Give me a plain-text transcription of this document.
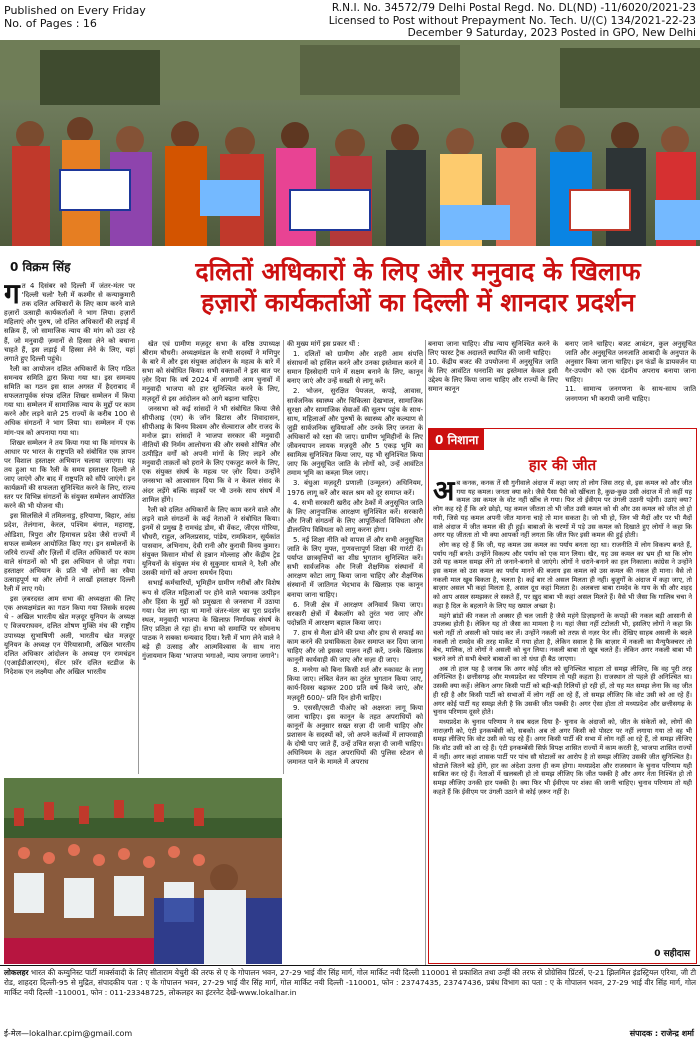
Published on Every Friday
No. of Pages : 16
R.N.I. No. 34572/79 Delhi Postal Regd. No. DL(ND) -11/6020/2021-23
Licensed to Post without Prepayment No. Tech. U/(C) 134/2021-22-23
December 9 Saturday, 2023 Posted in GPO, New Delhi
0 विक्रम सिंह	दलितों अधिकारों के लिए और मनुवाद के खिलाफ
हज़ारों कार्यकर्ताओं का दिल्ली में शानदार प्रदर्शन
ग त 4 दिसंबर को दिल्ली में जंतर-मंतर पर 'दिल्ली चलो' रैली में कश्मीर से कन्याकुमारी तक दलित अधिकारों के लिए काम करने वाले हज़ारों उत्साही कार्यकर्ताओं ने भाग लिया। हज़ारों महिलाएं और पुरुष, जो दलित अधिकारों की लड़ाई में सक्रिय हैं, जो सामाजिक न्याय की मांग को उठा रहे हैं, जो मनुवादी ज़मानों से हिस्सा लेने को बचाना चाहते हैं, इस लड़ाई में हिस्सा लेने के लिए, यहां लगाते हुए दिल्ली पहुंचे।

रैली का आयोजन दलित अधिकारों के लिए गठित समन्वय समिति द्वारा किया गया था। इस समन्वय समिति का गठन इस साल अगस्त में हैदराबाद में सफलतापूर्वक संपन्न दलित शिखर सम्मेलन में किया गया था। सम्मेलन में सामाजिक न्याय के मुद्दों पर काम करने और लड़ने वाले 25 राज्यों के करीब 100 से अधिक संगठनों ने भाग लिया था। सम्मेलन में एक मांग-पत्र को अपनाया गया था।

शिखर सम्मेलन ने तय किया गया था कि मांगपत्र के आधार पर भारत के राष्ट्रपति को संबोधित एक ज्ञापन पर विशाल हस्ताक्षर अभियान चलाया जाएगा। यह तय हुआ था कि रैली के समय हस्ताक्षर दिल्ली ले जाए जाएंगे और बाद में राष्ट्रपति को सौंपे जाएंगे। इन कार्यक्रमों की सफलता सुनिश्चित करने के लिए, राज्य स्तर पर विभिन्न संगठनों के संयुक्त सम्मेलन आयोजित करने की भी योजना थी।

इस सिलसिले में तमिलनाडु, हरियाणा, बिहार, आंध्र प्रदेश, तेलंगाना, केरल, पश्चिम बंगाल, महाराष्ट्र, ओडिशा, त्रिपुरा और हिमाचल प्रदेश जैसे राज्यों में सफल सम्मेलन आयोजित किए गए। इन सम्मेलनों के जरिये राज्यों और ज़िलों में दलित अधिकारों पर काम वाले संगठनों को भी इस अभियान से जोड़ा गया। हस्ताक्षर अभियान के प्रति भी लोगों का रवैया उत्साहपूर्ण था और लोगों ने लाखों हस्ताक्षर दिल्ली रैली में लाए गये।

इस ज़बरदस्त आम सभा की अध्यक्षता की लिए एक अध्यक्षमंडल का गठन किया गया जिसके सदस्य थे - अखिल भारतीय खेत मज़दूर यूनियन के अध्यक्ष ए विजयराघवन, दलित शोषण मुक्ति मंच की राष्ट्रीय उपाध्यक्ष सुभाषिणी अली, भारतीय खेत मज़दूर यूनियन के अध्यक्ष एन पेरियासामी, अखिल भारतीय दलित अधिकार आंदोलन के अध्यक्ष एन रामचंद्रन (एआईडीआरएम), सेंटर फ़ॉर दलित स्टडीज के निदेशक एन लक्ष्मैया और अखिल भारतीय

खेत एवं ग्रामीण मज़दूर सभा के वरिष्ठ उपाध्यक्ष श्रीराम चौधरी। अध्यक्षमंडल के सभी सदस्यों ने मणिपुर के बारे में और इस संयुक्त आंदोलन के महत्व के बारे में सभा को संबोधित किया। सभी वक्ताओं ने इस बात पर ज़ोर दिया कि वर्ष 2024 में आगामी आम चुनावों में मनुवादी भाजपा को हार सुनिश्चित करने के लिए, मज़दूरों से इस आंदोलन को आगे बढ़ाना चाहिए।

जनसभा को कई सांसदों ने भी संबोधित किया जैसे सीपीआइ (एम) के जॉन ब्रिटास और शिवादासन, सीपीआइ के बिनय विश्वम और सेल्वाराज और राजद के मनोज झा। सांसदों ने भाजपा सरकार की मनुवादी नीतियों की निर्मम आलोचना की और सबसे शोषित और उत्पीड़ित वर्गों को अपनी मांगों के लिए लड़ने और मनुवादी ताक़तों को हराने के लिए एकजुट करने के लिए, एक संयुक्त संघर्ष के महत्व पर ज़ोर दिया। उन्होंने जनसभा को आश्वासन दिया कि वे न केवल संसद के अंदर लड़ेंगे बल्कि सड़कों पर भी उनके साथ संघर्ष में शामिल होंगे।

रैली को दलित अधिकारों के लिए काम करने वाले और लड़ने वाले संगठनों के कई नेताओं ने संबोधित किया। इनमें से प्रमुख है रामचंद्र डोम, बी वेंकट, जीएस गोरिया, चौधरी, राहुल, अनिलप्रसाद, पांडेय, रामकिशन, सूर्यकांत पासवान, अभिनाथ, देवी रानी और कुरावी विनय कुमार। संयुक्त किसान मोर्चा से हन्नान मोल्लाह और केंद्रीय ट्रेड यूनियनों के संयुक्त मंच से सुकुमार धामले ने, रैली और उसकी मांगों को अपना समर्थन दिया।

सभाई कर्मचारियों, भूमिहीन ग्रामीण गरीबों और विशेष रूप से दलित महिलाओं पर होने वाले भयानक उत्पीड़न और हिंसा के मुद्दों को प्रमुखता से जनसभा में उठाया गया। पेश लग रहा था मानो जंतर-मंतर का पूरा प्रदर्शन स्थल, मनुवादी भाजपा के खिलाफ़ निर्णायक संघर्ष के लिए प्रतिज्ञा ले रहा हो। सभा को समाप्ति पर सोमनाथ पाठक ने सबका धन्यवाद दिया। रैली में भाग लेने वाले ने बड़े ही उत्साह और आत्मविश्वास के साथ नारा गुंजायमान किया 'भाजपा भगाओ, न्याय जगाना जगाने'।

की मुख्य मांगें इस प्रकार थीं :

1. दलितों को ग्रामीण और शहरी आम संपत्ति संसाधनों को हासिल करने और उनका इस्तेमाल करने में समान हिस्सेदारी पाने में सक्षम बनाने के लिए, कानून बनाए जाएं और उन्हें सख्ती से लागू करें।

2. भोजन, सुरक्षित पेयजल, कपड़े, आवास, सार्वजनिक स्वास्थ्य और चिकित्सा देखभाल, सामाजिक सुरक्षा और सामाजिक सेवाओं की सुलभ पहुंच के साथ-साथ, महिलाओं और पुरुषों के स्वास्थ्य और कल्याण से जुड़ी सार्वजनिक सुविधाओं और उनके लिए जनता के अधिकारों को रक्षा की जाए। ग्रामीण भूमिहीनों के लिए जीवनयापन लायक मज़दूरी और 5 एकड़ भूमि का स्वामित्व सुनिश्चित किया जाए, यह भी सुनिश्चित किया जाए कि अनुसूचित जाति के लोगों को, उन्हें आवंटित तमाम भूमि का कब्ज़ा मिल जाए।

3. बंधुआ मज़दूरी प्रणाली (उन्मूलन) अधिनियम, 1976 लागू करें और काल श्रम को दूर समाप्त करें।

4. सभी सरकारी खरीद और ठेकों में अनुसूचित जाति के लिए आनुपातिक आरक्षण सुनिश्चित करें। सरकारी और निजी संगठनों के लिए आपूर्तिकर्ता विविधता और डीलरशिप विविधता को लागू करना होगा।

5. नई शिक्षा नीति को वापस लें और सभी अनुसूचित जाति के लिए मुफ्त, गुणवत्तापूर्ण शिक्षा की गारंटी दें। पर्याप्त छात्रवृत्तियों का शीघ्र भुगतान सुनिश्चित करें। सभी सार्वजनिक और निजी शैक्षणिक संस्थानों में आरक्षण कोटा लागू किया जाना चाहिए और शैक्षणिक संस्थानों में जातिगत भेदभाव के खिलाफ़ एक कानून बनाया जाना चाहिए।

6. निजी क्षेत्र में आरक्षण अनिवार्य किया जाए। सरकारी क्षेत्रों में बैकलॉग को तुरंत भरा जाए और पदोन्नति में आरक्षण बहाल किया जाए।

7. हाथ से मैला ढोने की प्रथा और हाथ से सफाई का काम करने की प्रथाविकता देकर समाप्त कर दिया जाना चाहिए और जो इसका पालन नहीं करें, उनके खिलाफ़ कानूनी कार्यवाही की जाए और सज़ा दी जाए।

8. मनरेगा को बिना किसी शर्त और रुकावट के लागू किया जाए। लंबित वेतन का तुरंत भुगतान किया जाए, कार्य-दिवस बढ़ाकर 200 प्रति वर्ष किये जाएं, और मज़दूरी 600/- प्रति दिन होनी चाहिए।

9. एससी/एसटी पीओए को अक्षरशः लागू किया जाना चाहिए। इस कानून के तहत अपराधियों को कानूनों के अनुसार सख्त सज़ा दी जानी चाहिए और प्रशासन के सदस्यों को, जो अपने कर्तव्यों में लापरवाही के दोषी पाए जाते हैं, उन्हें उचित सज़ा दी जानी चाहिए। अधिनियम के तहत अपराधियों की पुलिस स्टेशन से जमानत पाने के मामले में अपराध

बनाया जाना चाहिए। शीघ्र न्याय सुनिश्चित करने के लिए फास्ट ट्रैक अदालतें स्थापित की जानी चाहिए।
10. केंद्रीय बजट की उपयोजना में अनुसूचित जाति के लिए आवंटित धनराशि का इस्तेमाल केवल इसी उद्देश्य के लिए किया जाना चाहिए और राज्यों के लिए समान कानून
बनाए जाने चाहिए। बजट आवंटन, कुल अनुसूचित जाति और अनुसूचित जनजाति आबादी के अनुपात के अनुसार किया जाना चाहिए। इन फंडों के डायवर्जन या गैर-उपयोग को एक दंडनीय अपराध बनाया जाना चाहिए।
11. सामान्य जनगणना के साथ-साथ जाति जनगणना भी करायी जानी चाहिए।
0 निशाना
हार की जीत
अ ब कनक, कनक तें सौ गुनीवाले अंदाज में कहा जाए तो लोग जिस तरह से, इस कमल को और जीत गया यह कमल। जनता क्या करे। जैसे पैसा पैसे को खींचता है, कुछ-कुछ उसी अंदाज में तो कहीं यह कमल उस कमल के वोट नहीं खींच ले गया। फिर तो ईवीएम पर उंगली उठानी पड़ेगी। उठाएं क्या? लोग कह रहे हैं कि अरे छोड़ो, यह कमल जीतता तो भी जीत उसी कमल को थी और उस कमल को जीत तो हो गयी, जिसे यह कमल अपनी जीत मानना चाहे तो मान सकता है। जो भी हो, जिन भी मैदों और पर भी मैदों वाले अंदाज में जीत कमल की ही हुई। बाबाओं के चरणों में पड़े उस कमल को दिखाते हुए लोगों ने कहा कि अगर यह जीतता तो भी क्या आपको नहीं लगता कि जीत फिर इसी कमल की हुई होती।

लोग कह रहे हैं कि जी, यह कमल उस कमल का पर्याय बनता रहा था। राजनीति में लोग विकल्प बनते हैं, पर्याय नहीं बनते। उन्होंने विकल्प और पर्याय को एक मान लिया। खैर, यह उस कमल का भ्रम ही था कि लोग उसे यह कमल समझ लेंगे तो जनाने-बनाने से जाएंगे। लोगों ने धराने-बनाने का हल निकाला। कांग्रेस ने उन्होंने इस कमल को उस कमल का पर्याय मानने की बजाय इस कमल को उस कमल की नकल ही माना। वैसे तो नकली माल खूब बिकता है, चलता है। कई बार तो असल मिलता ही नहीं। बुजुर्गों के अंदाज में कहा जाए, तो बाज़ार असल भी कहां मिलता है, असल दूध कहां मिलता है। अलबत्ता बाबा रामदेव के गाय के घी और शहद को आप असल समझकर ले सकते हैं, पर ख़ुद बाबा भी कहां असल मिलते हैं। वैसे भी जैसा कि गालिब चचा ने कहा है दिल के बहलाने के लिए यह ख्याल अच्छा है।

महंगे ब्रांडों की नकल तो अक्सर ही चल जाती है जैसे महंगे डिज़ाइनरों के कपड़ों की नकल बड़ी आसानी से उपलब्ध होती है। लेकिन यह तो जैसा का मामला है न। यहां जैसा नहीं टटोलती भी, इसलिए लोगों ने कहा कि चलो नहीं तो असली को पसंद कर लें। उन्होंने नकली को तरफ़ से नज़र फेर ली। देखिए साहब असली के बदले नकली तो रामदेव की तरह मार्केट में गया होता है, लेकिन सवाल है कि बाज़ार में नकली का मैन्युफैक्चरर तो बेच, मालिक, तो लोगों ने असली को चुन लिया। नकली बाबा तो खूब चलते हैं। लेकिन अगर नकली बाबा भी चलने लगे तो सभी बेचारे बाबाओं का तो धंधा ही बैठ जाएगा।

अब तो हाल यह है जनाब कि अगर कोई जीत को सुनिश्चित चाहता तो समझ लीजिए, कि वह पूरी तरह अनिश्चित है। छत्तीसगढ़ और मध्यप्रदेश का परिणाम तो यही कहता है। राजस्थान तो पहले ही अनिश्चित था। उसकी क्या कहें। लेकिन अगर किसी पार्टी को बड़ी-बड़ी रिलियों हो रही हों, तो यह मत समझ लेना कि वह जीत ही रही है और किसी पार्टी को सभाओं में लोग नहीं आ रहे हैं, तो समझ लीजिए कि वोट उसी को आ रहे हैं। अगर कोई पार्टी यह समझ लेती है कि उसकी जीत पक्की है। अगर ऐसा होता तो मध्यप्रदेश और छत्तीसगढ़ के चुनाव परिणाम दूसरे होते।

मध्यप्रदेश के चुनाव परिणाम ने सब बदल दिया है- चुनाव के अंदाजों को, जीत के संकेतों को, लोगों की नाराज़गी को, एंटी इनकम्बेंसी को, सबको। अब तो अगर किसी को पोस्टर पर नहीं लगाया गया तो वह भी समझ लीजिए कि वोट उसी को पड़ रहे हैं। अगर किसी पार्टी की सभा में लोग नहीं आ रहे हैं, तो समझ लीजिए कि वोट उसी को आ रहे हैं। एंटी इनकम्बेंसी सिर्फ़ विपक्ष शासित राज्यों में काम करती है, भाजपा शासित राज्यों में नहीं। अगर कहां शासक पार्टी पर पांच सौ घोटालों का आरोप है तो समझ लीजिए उसकी जीत सुनिश्चित है। घोटाले जितने बड़े होंगे, हार का अंदेशा उतना ही कम होगा। मध्यप्रदेश और राजस्थान के चुनाव परिणाम यही साबित कर रहे हैं। नेताओं में खलबली हो तो समझ लीजिए कि जीत पक्की है और अगर नेता निश्चिंत हो तो समझ लीजिए उनकी हार पक्की है। क्या फिर भी ईवीएम पर शंका की जानी चाहिए। चुनाव परिणाम तो यही कहते हैं कि ईवीएम पर उंगली उठाने से कोई ज़रूर नहीं है।

0 सहीदास
लोकलहर भारत की कम्युनिस्ट पार्टी मार्क्सवादी के लिए सीताराम येचुरी की तरफ से ए के गोपालन भवन, 27-29 भाई वीर सिंह मार्ग, गोल मार्किट नयी दिल्ली 110001 से प्रकाशित तथा उन्हीं की तरफ से प्रोग्रेसिव प्रिंटर्स, ए-21 झिलमिल इंडस्ट्रियल एरिया, जी टी रोड, शाहदरा दिल्ली-95 से मुद्रित, संपादकीय पता : ए के गोपालन भवन, 27-29 भाई वीर सिंह मार्ग, गोल मार्किट नयी दिल्ली -110001, फोन : 23747435, 23747436, प्रबंध विभाग का पता : ए के गोपालन भवन, 27-29 भाई वीर सिंह मार्ग, गोल मार्किट नयी दिल्ली -110001, फोन : 011-23348725, लोकलहर का इंटरनेट देखें-www.lokalhar.in
ई-मेल—lokalhar.cpim@gmail.com	संपादक : राजेन्द्र शर्मा
